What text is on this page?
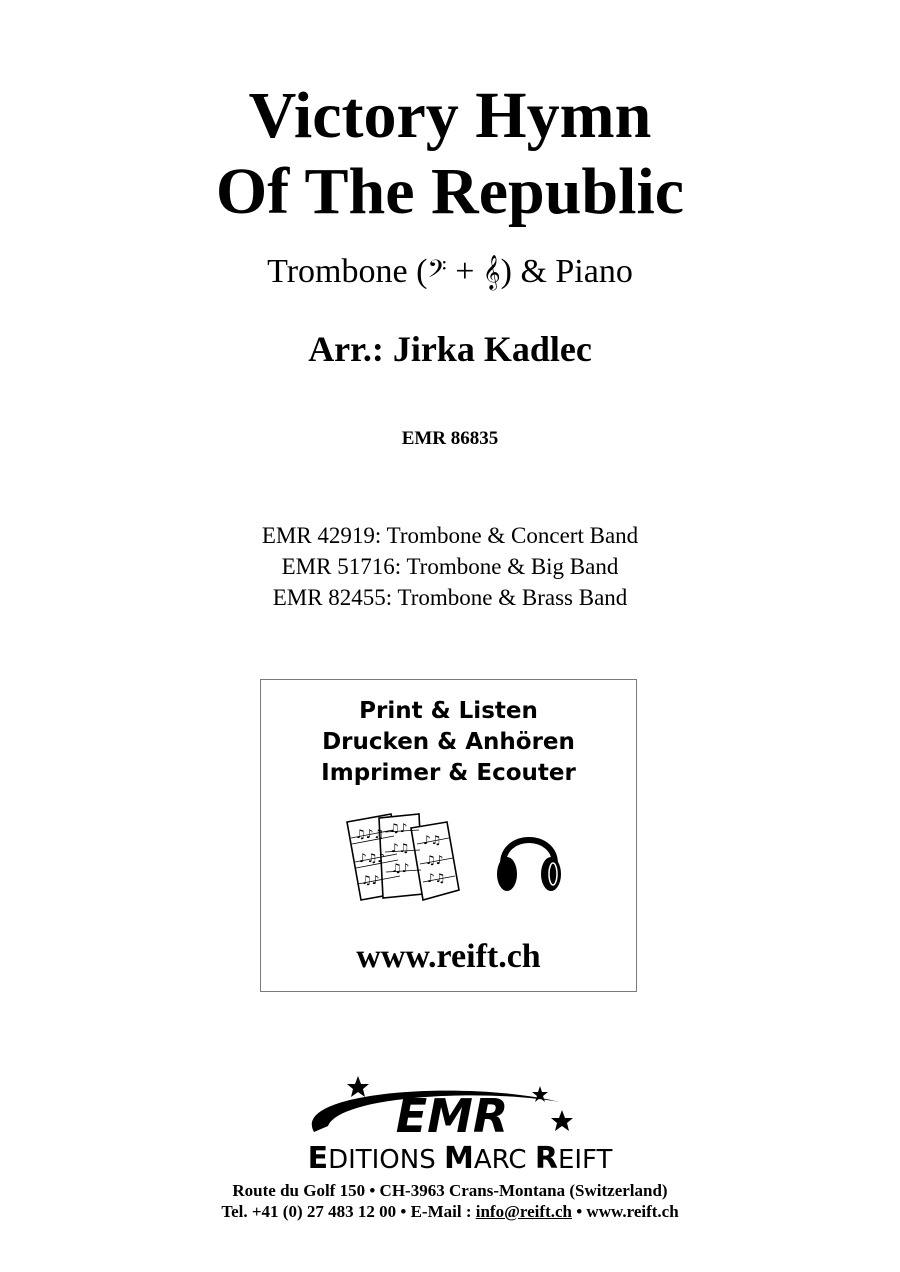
Victory Hymn
Of The Republic
Trombone (𝄢 + 𝄞) & Piano
Arr.: Jirka Kadlec
EMR 86835
EMR 42919: Trombone & Concert Band
EMR 51716: Trombone & Big Band
EMR 82455: Trombone & Brass Band
Print & Listen
Drucken & Anhören
Imprimer & Ecouter
♫♪♫
♪♫♪
♫♪
♫♪
♪♫
♫♪
♪♫
♫♪
♪♫
www.reift.ch
EMR
EDITIONS MARC REIFT
Route du Golf 150 • CH-3963 Crans-Montana (Switzerland)
Tel. +41 (0) 27 483 12 00 • E-Mail : info@reift.ch • www.reift.ch
